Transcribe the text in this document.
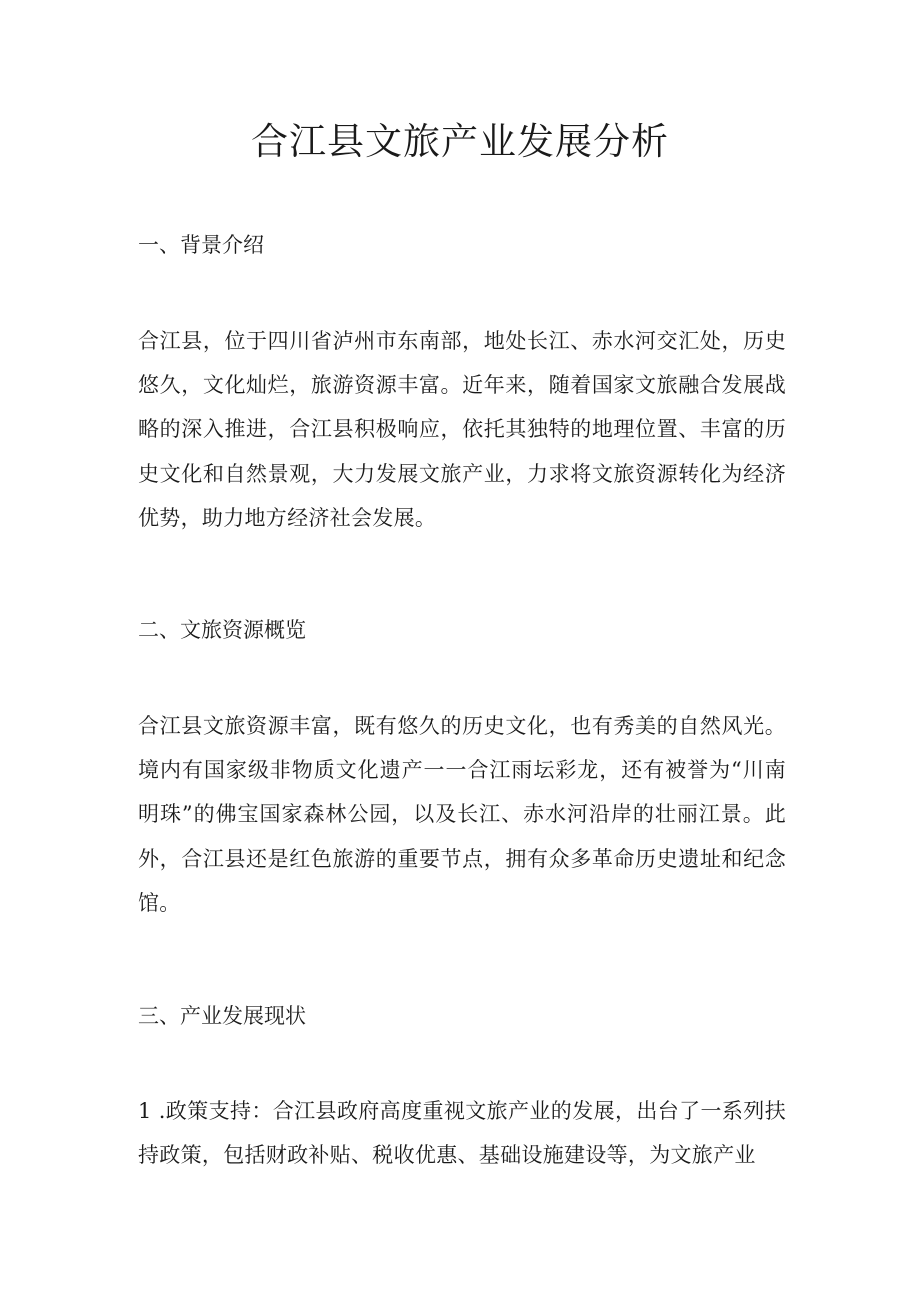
合江县文旅产业发展分析
一、背景介绍

合江县，位于四川省泸州市东南部，地处长江、赤水河交汇处，历史悠久，文化灿烂，旅游资源丰富。近年来，随着国家文旅融合发展战略的深入推进，合江县积极响应，依托其独特的地理位置、丰富的历史文化和自然景观，大力发展文旅产业，力求将文旅资源转化为经济优势，助力地方经济社会发展。

二、文旅资源概览

合江县文旅资源丰富，既有悠久的历史文化，也有秀美的自然风光。境内有国家级非物质文化遗产一一合江雨坛彩龙，还有被誉为“川南明珠”的佛宝国家森林公园，以及长江、赤水河沿岸的壮丽江景。此外，合江县还是红色旅游的重要节点，拥有众多革命历史遗址和纪念馆。

三、产业发展现状

1 .政策支持：合江县政府高度重视文旅产业的发展，出台了一系列扶持政策，包括财政补贴、税收优惠、基础设施建设等，为文旅产业
